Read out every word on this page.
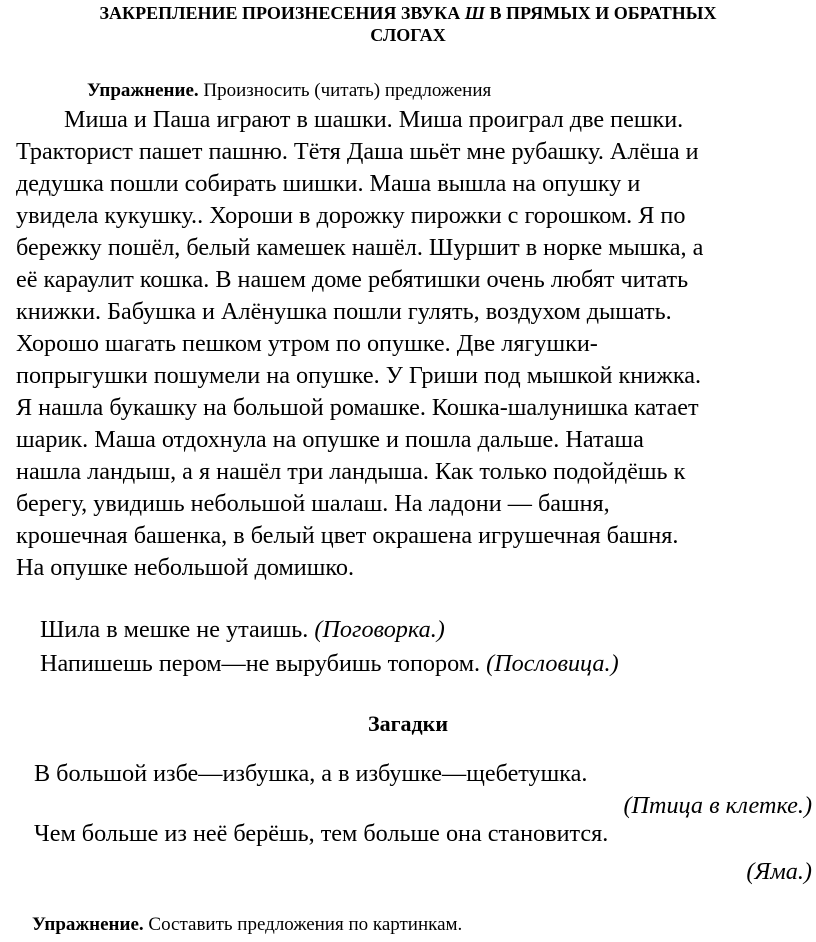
ЗАКРЕПЛЕНИЕ ПРОИЗНЕСЕНИЯ ЗВУКА Ш В ПРЯМЫХ И ОБРАТНЫХ
СЛОГАХ
Упражнение. Произносить (читать) предложения
Миша и Паша играют в шашки. Миша проиграл две пешки.
Тракторист пашет пашню. Тётя Даша шьёт мне рубашку. Алёша и
дедушка пошли собирать шишки. Маша вышла на опушку и
увидела кукушку.. Хороши в дорожку пирожки с горошком. Я по
бережку пошёл, белый камешек нашёл. Шуршит в норке мышка, а
её караулит кошка. В нашем доме ребятишки очень любят читать
книжки. Бабушка и Алёнушка пошли гулять, воздухом дышать.
Хорошо шагать пешком утром по опушке. Две лягушки-
попрыгушки пошумели на опушке. У Гриши под мышкой книжка.
Я нашла букашку на большой ромашке. Кошка-шалунишка катает
шарик. Маша отдохнула на опушке и пошла дальше. Наташа
нашла ландыш, а я нашёл три ландыша. Как только подойдёшь к
берегу, увидишь небольшой шалаш. На ладони — башня,
крошечная башенка, в белый цвет окрашена игрушечная башня.
На опушке небольшой домишко.
Шила в мешке не утаишь. (Поговорка.)
Напишешь пером—не вырубишь топором. (Пословица.)
Загадки
В большой избе—избушка, а в избушке—щебетушка.
(Птица в клетке.)
Чем больше из неё берёшь, тем больше она становится.
(Яма.)
Упражнение. Составить предложения по картинкам.
